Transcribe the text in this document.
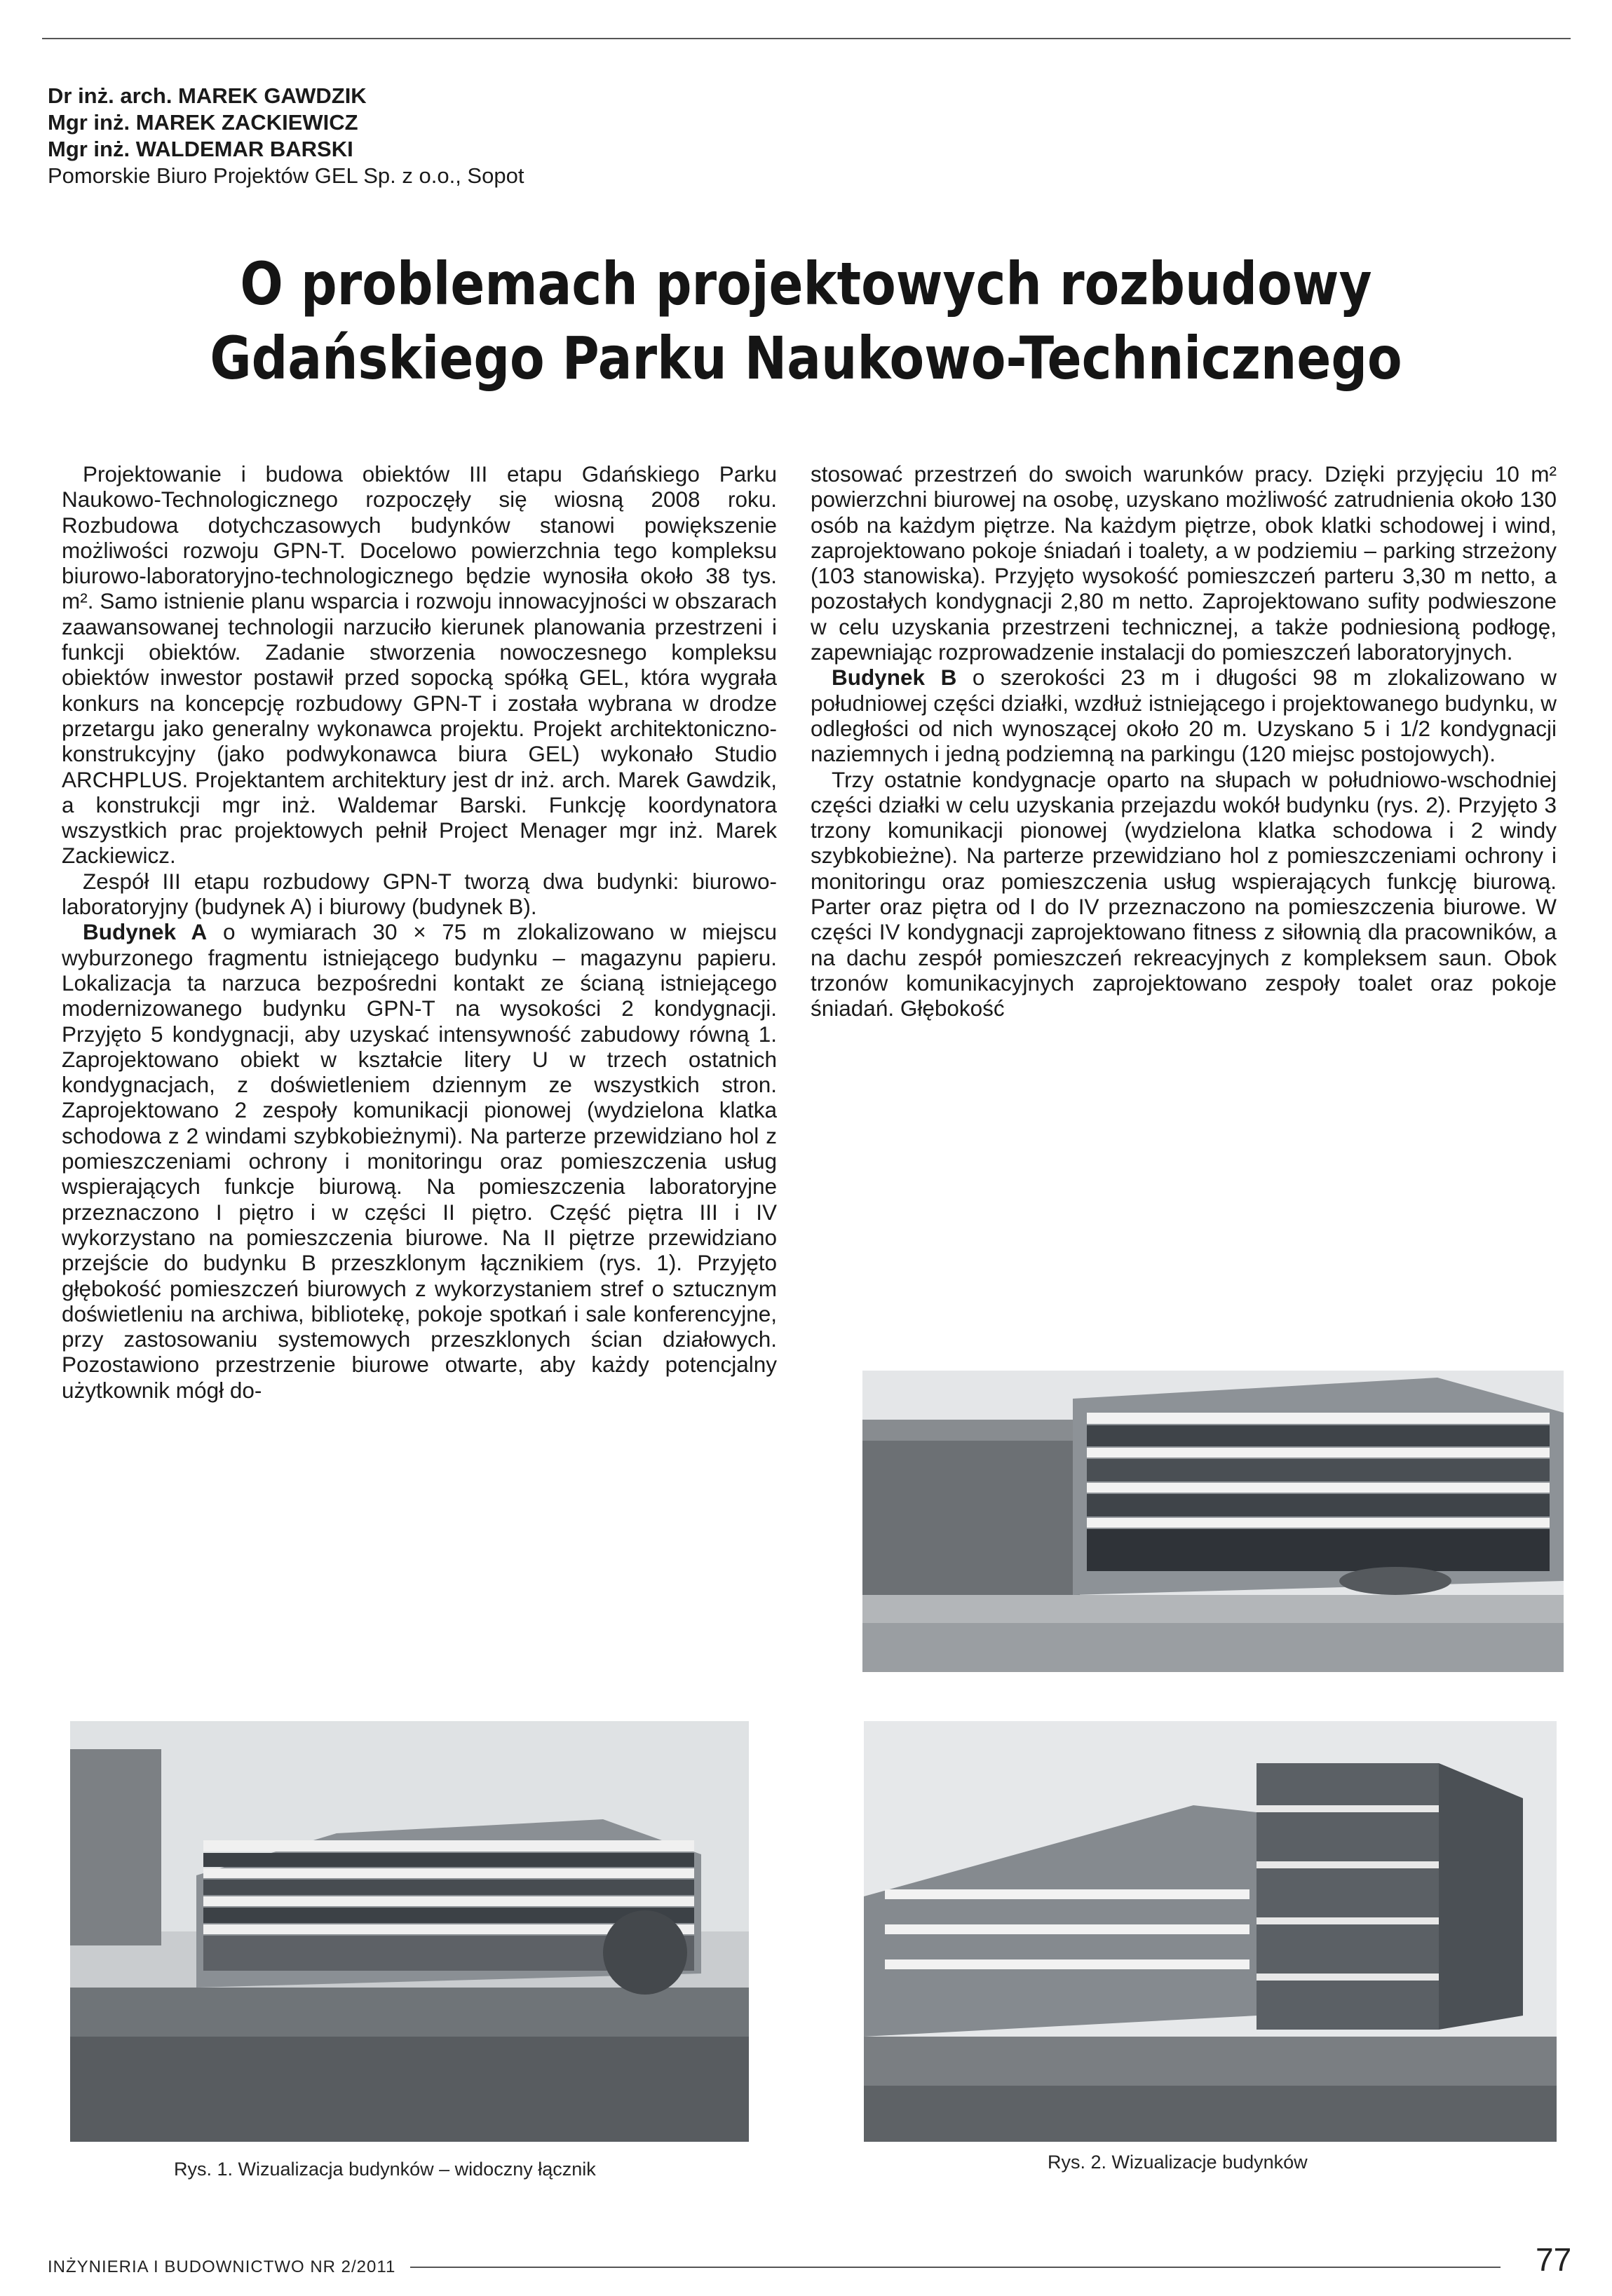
Dr inż. arch. MAREK GAWDZIK
Mgr inż. MAREK ZACKIEWICZ
Mgr inż. WALDEMAR BARSKI
Pomorskie Biuro Projektów GEL Sp. z o.o., Sopot
O problemach projektowych rozbudowy
Gdańskiego Parku Naukowo-Technicznego

Projektowanie i budowa obiektów III etapu Gdańskiego Parku Naukowo-Technologicznego rozpoczęły się wiosną 2008 roku. Rozbudowa dotychczasowych budynków stanowi powiększenie możliwości rozwoju GPN-T. Docelowo powierzchnia tego kompleksu biurowo-laboratoryjno-technologicznego będzie wynosiła około 38 tys. m². Samo istnienie planu wsparcia i rozwoju innowacyjności w obszarach zaawansowanej technologii narzuciło kierunek planowania przestrzeni i funkcji obiektów. Zadanie stworzenia nowoczesnego kompleksu obiektów inwestor postawił przed sopocką spółką GEL, która wygrała konkurs na koncepcję rozbudowy GPN-T i została wybrana w drodze przetargu jako generalny wykonawca projektu. Projekt architektoniczno-konstrukcyjny (jako podwykonawca biura GEL) wykonało Studio ARCHPLUS. Projektantem architektury jest dr inż. arch. Marek Gawdzik, a konstrukcji mgr inż. Waldemar Barski. Funkcję koordynatora wszystkich prac projektowych pełnił Project Menager mgr inż. Marek Zackiewicz.

Zespół III etapu rozbudowy GPN-T tworzą dwa budynki: biurowo-laboratoryjny (budynek A) i biurowy (budynek B).

Budynek A o wymiarach 30 × 75 m zlokalizowano w miejscu wyburzonego fragmentu istniejącego budynku – magazynu papieru. Lokalizacja ta narzuca bezpośredni kontakt ze ścianą istniejącego modernizowanego budynku GPN-T na wysokości 2 kondygnacji. Przyjęto 5 kondygnacji, aby uzyskać intensywność zabudowy równą 1. Zaprojektowano obiekt w kształcie litery U w trzech ostatnich kondygnacjach, z doświetleniem dziennym ze wszystkich stron. Zaprojektowano 2 zespoły komunikacji pionowej (wydzielona klatka schodowa z 2 windami szybkobieżnymi). Na parterze przewidziano hol z pomieszczeniami ochrony i monitoringu oraz pomieszczenia usług wspierających funkcje biurową. Na pomieszczenia laboratoryjne przeznaczono I piętro i w części II piętro. Część piętra III i IV wykorzystano na pomieszczenia biurowe. Na II piętrze przewidziano przejście do budynku B przeszklonym łącznikiem (rys. 1). Przyjęto głębokość pomieszczeń biurowych z wykorzystaniem stref o sztucznym doświetleniu na archiwa, bibliotekę, pokoje spotkań i sale konferencyjne, przy zastosowaniu systemowych przeszklonych ścian działowych. Pozostawiono przestrzenie biurowe otwarte, aby każdy potencjalny użytkownik mógł do-

stosować przestrzeń do swoich warunków pracy. Dzięki przyjęciu 10 m² powierzchni biurowej na osobę, uzyskano możliwość zatrudnienia około 130 osób na każdym piętrze. Na każdym piętrze, obok klatki schodowej i wind, zaprojektowano pokoje śniadań i toalety, a w podziemiu – parking strzeżony (103 stanowiska). Przyjęto wysokość pomieszczeń parteru 3,30 m netto, a pozostałych kondygnacji 2,80 m netto. Zaprojektowano sufity podwieszone w celu uzyskania przestrzeni technicznej, a także podniesioną podłogę, zapewniając rozprowadzenie instalacji do pomieszczeń laboratoryjnych.

Budynek B o szerokości 23 m i długości 98 m zlokalizowano w południowej części działki, wzdłuż istniejącego i projektowanego budynku, w odległości od nich wynoszącej około 20 m. Uzyskano 5 i 1/2 kondygnacji naziemnych i jedną podziemną na parkingu (120 miejsc postojowych).

Trzy ostatnie kondygnacje oparto na słupach w południowo-wschodniej części działki w celu uzyskania przejazdu wokół budynku (rys. 2). Przyjęto 3 trzony komunikacji pionowej (wydzielona klatka schodowa i 2 windy szybkobieżne). Na parterze przewidziano hol z pomieszczeniami ochrony i monitoringu oraz pomieszczenia usług wspierających funkcję biurową. Parter oraz piętra od I do IV przeznaczono na pomieszczenia biurowe. W części IV kondygnacji zaprojektowano fitness z siłownią dla pracowników, a na dachu zespół pomieszczeń rekreacyjnych z kompleksem saun. Obok trzonów komunikacyjnych zaprojektowano zespoły toalet oraz pokoje śniadań. Głębokość

Rys. 1. Wizualizacja budynków – widoczny łącznik	Rys. 2. Wizualizacje budynków
INŻYNIERIA I BUDOWNICTWO NR 2/2011	77
